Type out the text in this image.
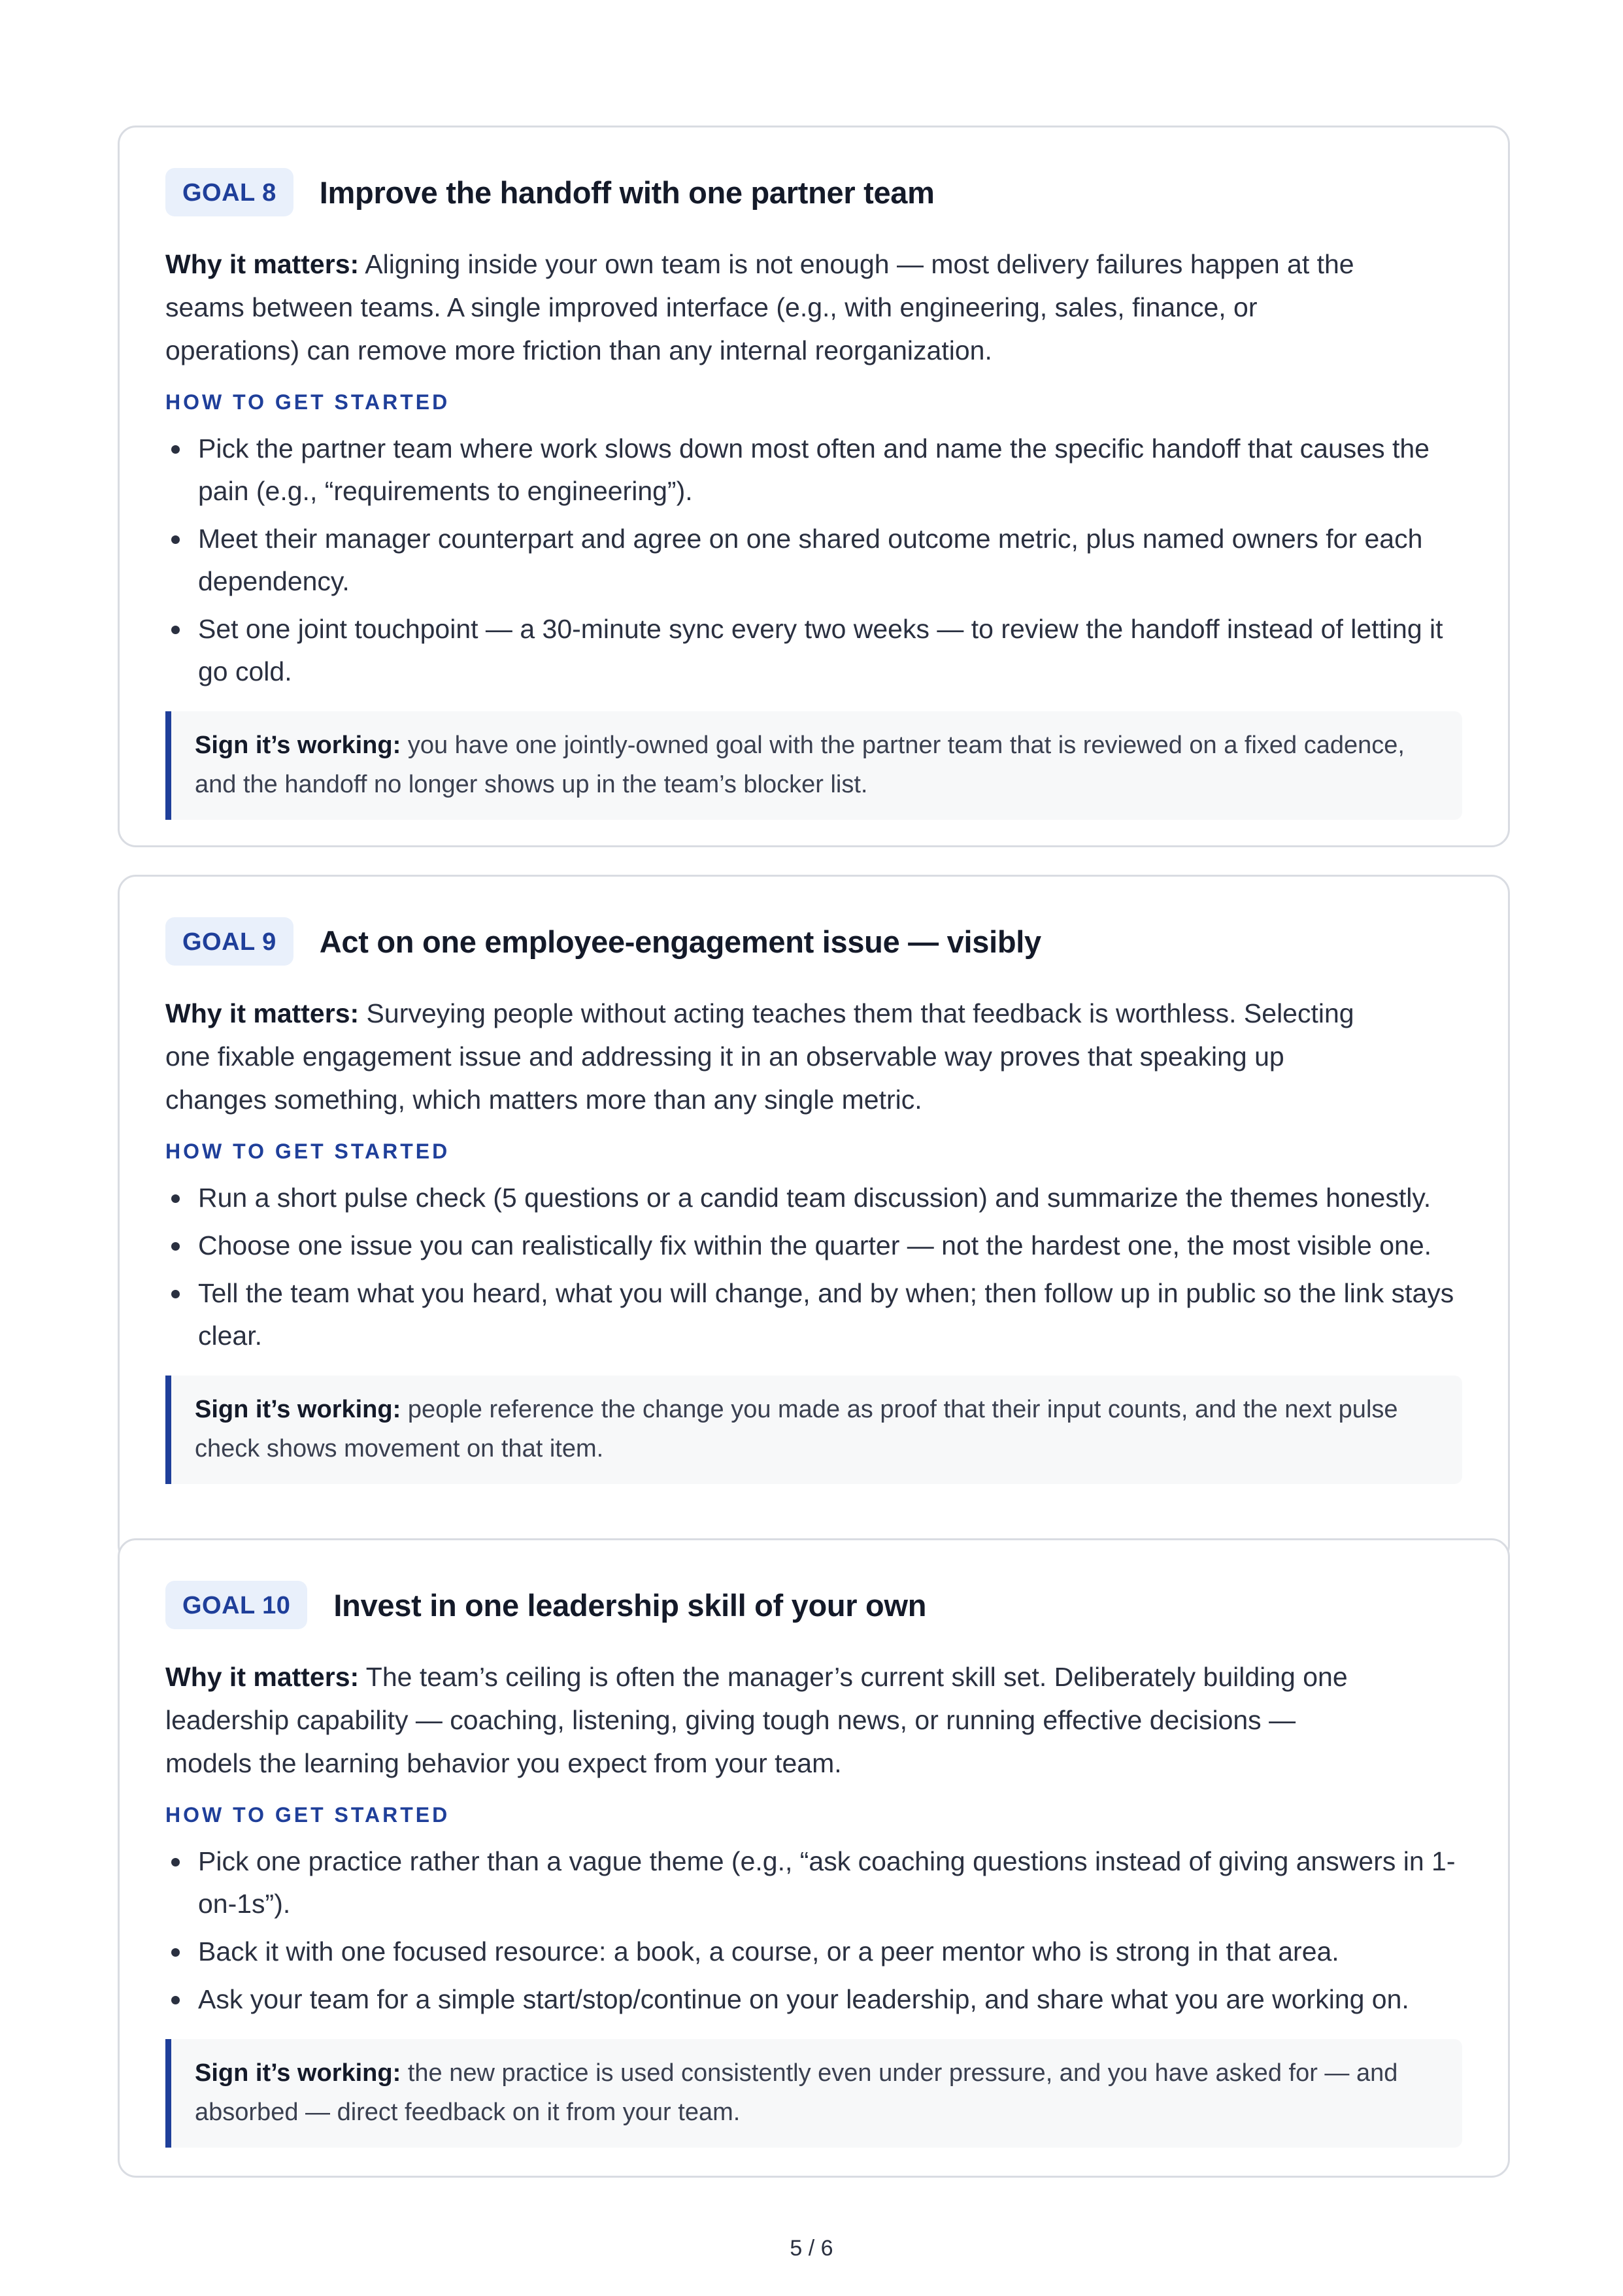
GOAL 8	Improve the handoff with one partner team

Why it matters: Aligning inside your own team is not enough — most delivery failures happen at the seams between teams. A single improved interface (e.g., with engineering, sales, finance, or operations) can remove more friction than any internal reorganization.

HOW TO GET STARTED
Pick the partner team where work slows down most often and name the specific handoff that causes the pain (e.g., “requirements to engineering”).
Meet their manager counterpart and agree on one shared outcome metric, plus named owners for each dependency.
Set one joint touchpoint — a 30-minute sync every two weeks — to review the handoff instead of letting it go cold.
Sign it’s working: you have one jointly-owned goal with the partner team that is reviewed on a fixed cadence, and the handoff no longer shows up in the team’s blocker list.
GOAL 9	Act on one employee-engagement issue — visibly

Why it matters: Surveying people without acting teaches them that feedback is worthless. Selecting one fixable engagement issue and addressing it in an observable way proves that speaking up changes something, which matters more than any single metric.

HOW TO GET STARTED
Run a short pulse check (5 questions or a candid team discussion) and summarize the themes honestly.
Choose one issue you can realistically fix within the quarter — not the hardest one, the most visible one.
Tell the team what you heard, what you will change, and by when; then follow up in public so the link stays clear.
Sign it’s working: people reference the change you made as proof that their input counts, and the next pulse check shows movement on that item.
GOAL 10	Invest in one leadership skill of your own

Why it matters: The team’s ceiling is often the manager’s current skill set. Deliberately building one leadership capability — coaching, listening, giving tough news, or running effective decisions — models the learning behavior you expect from your team.

HOW TO GET STARTED
Pick one practice rather than a vague theme (e.g., “ask coaching questions instead of giving answers in 1-on-1s”).
Back it with one focused resource: a book, a course, or a peer mentor who is strong in that area.
Ask your team for a simple start/stop/continue on your leadership, and share what you are working on.
Sign it’s working: the new practice is used consistently even under pressure, and you have asked for — and absorbed — direct feedback on it from your team.
5 / 6
